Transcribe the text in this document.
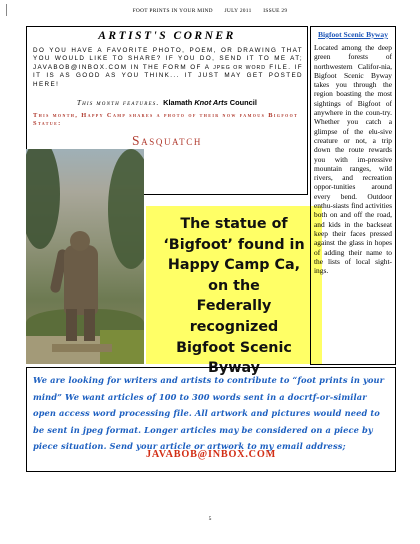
FOOT PRINTS IN YOUR MIND JULY 2011 ISSUE 29
ARTIST'S CORNER
DO YOU HAVE A FAVORITE PHOTO, POEM, OR DRAWING THAT YOU WOULD LIKE TO SHARE? IF YOU DO, SEND IT TO ME AT; JAVABOB@INBOX.COM IN THE FORM OF A JPEG OR WORD FILE. IF IT IS AS GOOD AS YOU THINK... IT JUST MAY GET POSTED HERE!
This month features. Klamath Knot Arts Council
This month, Happy Camp shares a photo of their now famous Bigfoot Statue:
Sasquatch
The statue of
‘Bigfoot’ found in
Happy Camp Ca,
on the
Federally
recognized
Bigfoot Scenic
Byway
Bigfoot Scenic Byway
Located among the deep green forests of northwestern Califor-nia, Bigfoot Scenic Byway takes you through the region boasting the most sightings of Bigfoot of anywhere in the coun-try. Whether you catch a glimpse of the elu-sive creature or not, a trip down the route rewards you with im-pressive mountain ranges, wild rivers, and recreation oppor-tunities around every bend. Outdoor enthu-siasts find activities both on and off the road, and kids in the backseat keep their faces pressed against the glass in hopes of adding their name to the lists of local sight-ings.
We are looking for writers and artists to contribute to “foot prints in your mind” We want articles of 100 to 300 words sent in a docrtf-or-similar open access word processing file. All artwork and pictures would need to be sent in jpeg format. Longer articles may be considered on a piece by piece situation. Send your article or artwork to my email address;
JAVABOB@INBOX.COM
5
